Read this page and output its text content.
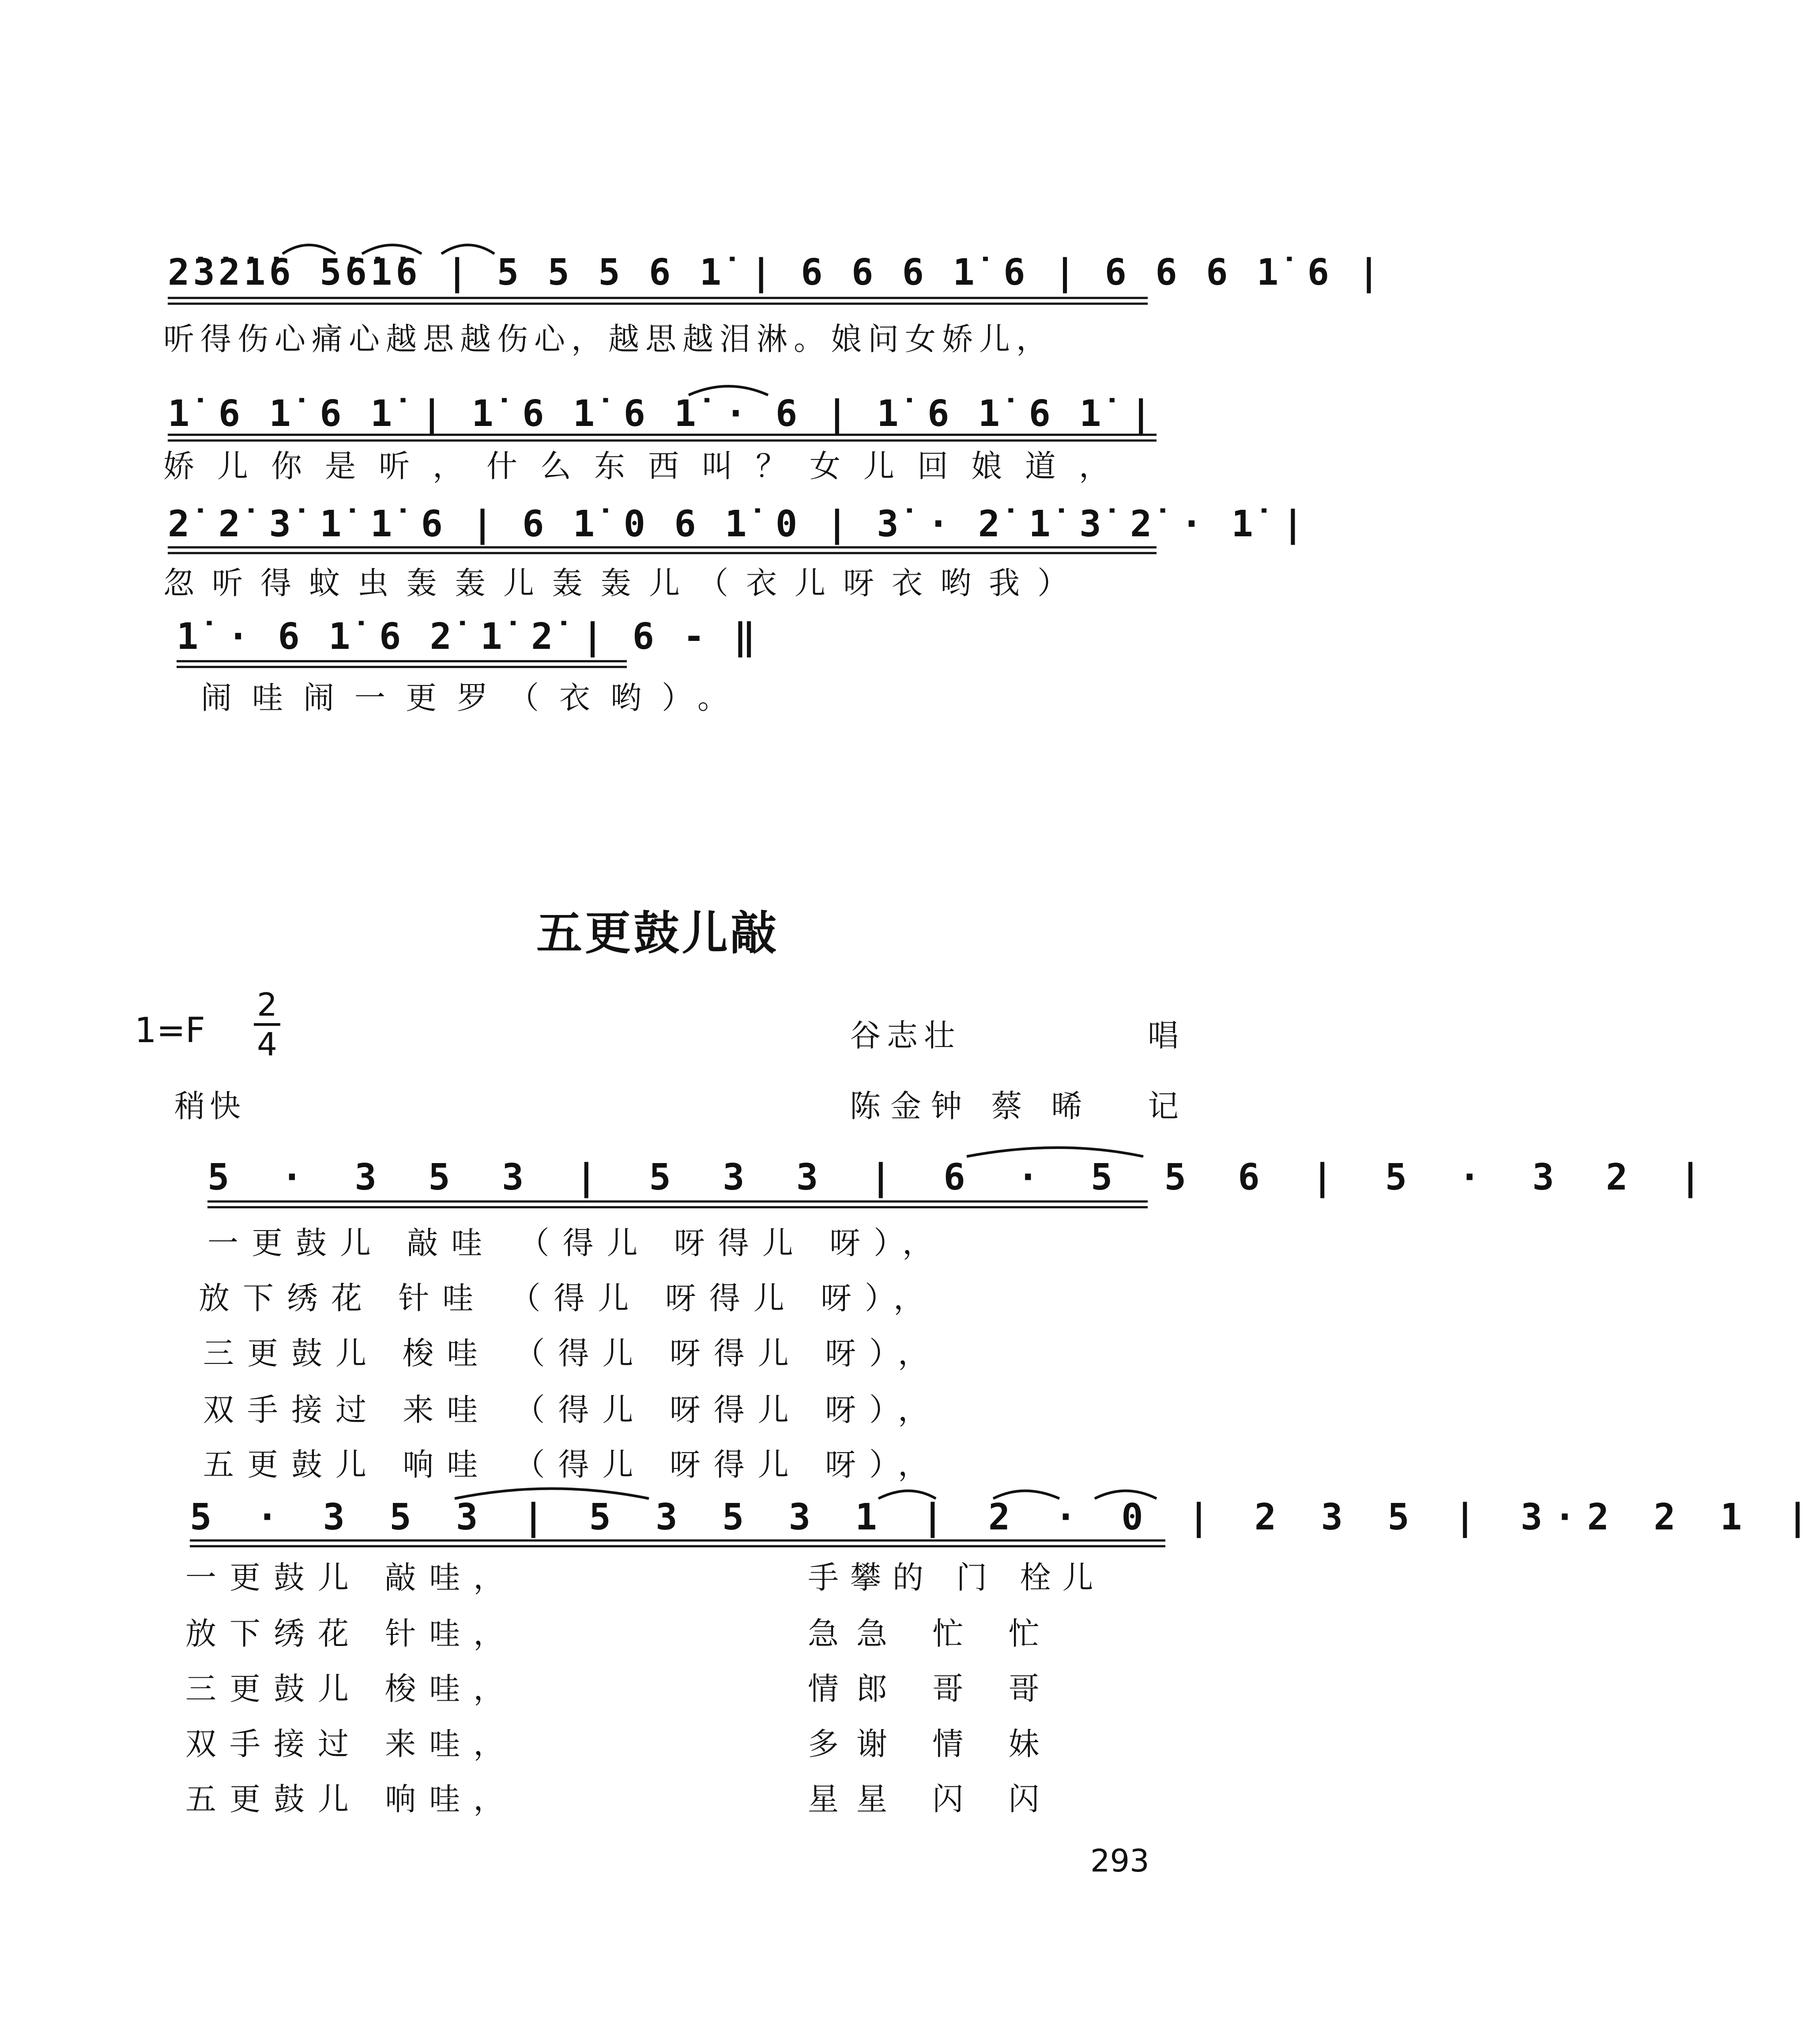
2̇3̇2̇1̇6 5̇6̇1̇6 | 5 5 5 6 1̇ | 6 6 6 1̇ 6 | 6 6 6 1̇ 6 |
听得伤心痛心越思越伤心，越思越泪淋。娘问女娇儿，
1̇ 6 1̇ 6 1̇ | 1̇ 6 1̇ 6 1̇ · 6 | 1̇ 6 1̇ 6 1̇ |
娇儿你是听，什么东西叫？女儿回娘道，
2̇ 2̇ 3̇ 1̇ 1̇ 6 | 6 1̇ 0 6 1̇ 0 | 3̇ · 2̇ 1̇ 3̇ 2̇ · 1̇ |
忽听得蚊虫轰轰儿轰轰儿（衣儿呀衣哟我）
1̇ · 6 1̇ 6 2̇ 1̇ 2̇ | 6 - ‖
闹哇闹一更罗（衣哟）。
五更鼓儿敲
1=F
2
4
稍快
谷志壮	唱
陈金钟 蔡 晞 记
5 · 3 5 3 | 5 3 3 | 6 · 5 5 6 | 5 · 3 2 |
一更鼓儿 敲哇 （得儿 呀得儿 呀），
放下绣花 针哇 （得儿 呀得儿 呀），
三更鼓儿 梭哇 （得儿 呀得儿 呀），
双手接过 来哇 （得儿 呀得儿 呀），
五更鼓儿 响哇 （得儿 呀得儿 呀），
5 · 3 5 3 | 5 3 5 3 1 | 2 · 0 | 2 3 5 | 3·2 2 1 |
一更鼓儿 敲哇，	手攀的 门 栓儿
放下绣花 针哇，	急急 忙 忙
三更鼓儿 梭哇，	情郎 哥 哥
双手接过 来哇，	多谢 情 妹
五更鼓儿 响哇，	星星 闪 闪
293
